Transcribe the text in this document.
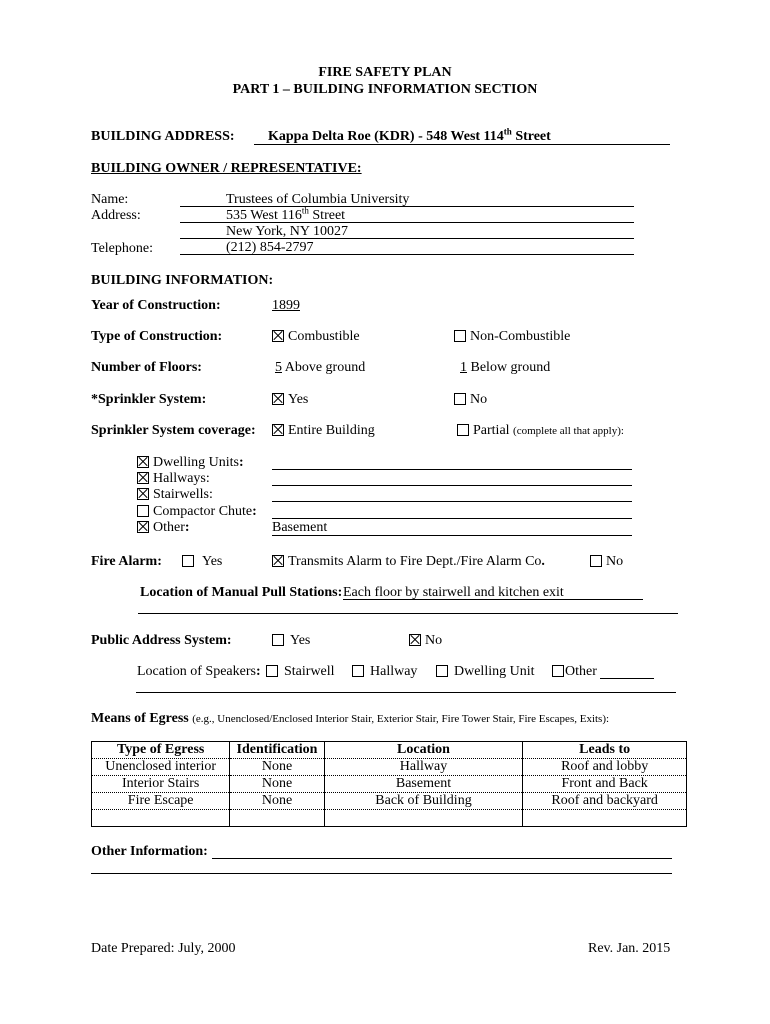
FIRE SAFETY PLAN
PART 1 – BUILDING INFORMATION SECTION
BUILDING ADDRESS: Kappa Delta Roe (KDR) - 548 West 114th Street
BUILDING OWNER / REPRESENTATIVE:
Name:	Trustees of Columbia University
Address:	535 West 116th Street
New York, NY 10027
Telephone:	(212) 854-2797
BUILDING INFORMATION:
Year of Construction:	1899
Type of Construction:	Combustible	Non-Combustible
Number of Floors:	5 Above ground	1 Below ground
*Sprinkler System:	Yes	No
Sprinkler System coverage:	Entire Building	Partial (complete all that apply):
Dwelling Units:
Hallways:
Stairwells:
Compactor Chute:
Other:	Basement
Fire Alarm:	Yes	Transmits Alarm to Fire Dept./Fire Alarm Co.	No
Location of Manual Pull Stations: Each floor by stairwell and kitchen exit
Public Address System:	Yes	No
Location of Speakers:	Stairwell	Hallway	Dwelling Unit	Other
Means of Egress (e.g., Unenclosed/Enclosed Interior Stair, Exterior Stair, Fire Tower Stair, Fire Escapes, Exits):
Type of Egress	Identification	Location	Leads to
Unenclosed interior	None	Hallway	Roof and lobby
Interior Stairs	None	Basement	Front and Back
Fire Escape	None	Back of Building	Roof and backyard

Other Information:
Date Prepared: July, 2000	Rev. Jan. 2015
